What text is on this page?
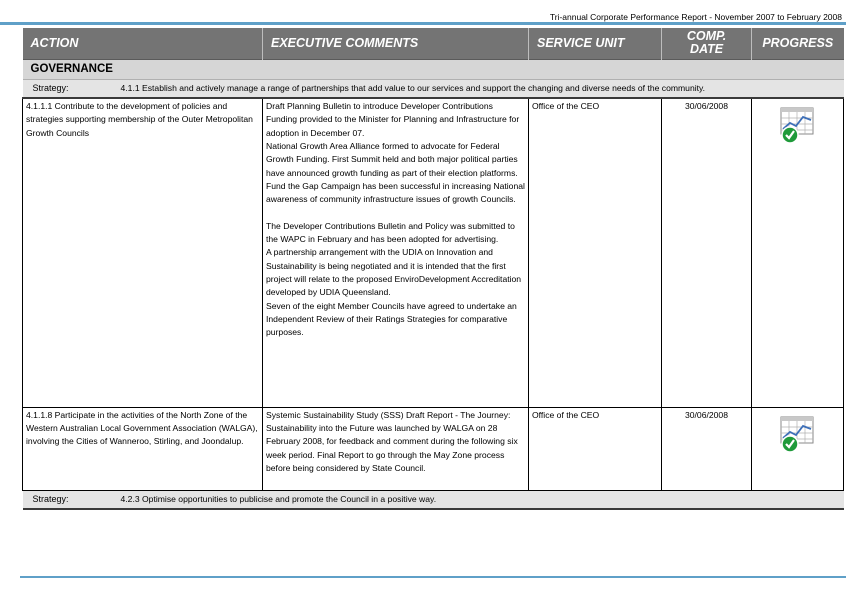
Tri-annual Corporate Performance Report - November 2007 to February 2008
ACTION	EXECUTIVE COMMENTS	SERVICE UNIT	COMP. DATE	PROGRESS
GOVERNANCE				

Strategy: 4.1.1 Establish and actively manage a range of partnerships that add value to our services and support the changing and diverse needs of the community.				

4.1.1.1 Contribute to the development of policies and strategies supporting membership of the Outer Metropolitan Growth Councils	Draft Planning Bulletin to introduce Developer Contributions Funding provided to the Minister for Planning and Infrastructure for adoption in December 07.
National Growth Area Alliance formed to advocate for Federal Growth Funding. First Summit held and both major political parties have announced growth funding as part of their election platforms. Fund the Gap Campaign has been successful in increasing National awareness of community infrastructure issues of growth Councils.

The Developer Contributions Bulletin and Policy was submitted to the WAPC in February and has been adopted for advertising.
A partnership arrangement with the UDIA on Innovation and Sustainability is being negotiated and it is intended that the first project will relate to the proposed EnviroDevelopment Accreditation developed by UDIA Queensland.
Seven of the eight Member Councils have agreed to undertake an Independent Review of their Ratings Strategies for comparative purposes.	Office of the CEO	30/06/2008	

4.1.1.8 Participate in the activities of the North Zone of the Western Australian Local Government Association (WALGA), involving the Cities of Wanneroo, Stirling, and Joondalup.	Systemic Sustainability Study (SSS) Draft Report - The Journey: Sustainability into the Future was launched by WALGA on 28 February 2008, for feedback and comment during the following six week period. Final Report to go through the May Zone process before being considered by State Council.	Office of the CEO	30/06/2008	

Strategy: 4.2.3 Optimise opportunities to publicise and promote the Council in a positive way.				
